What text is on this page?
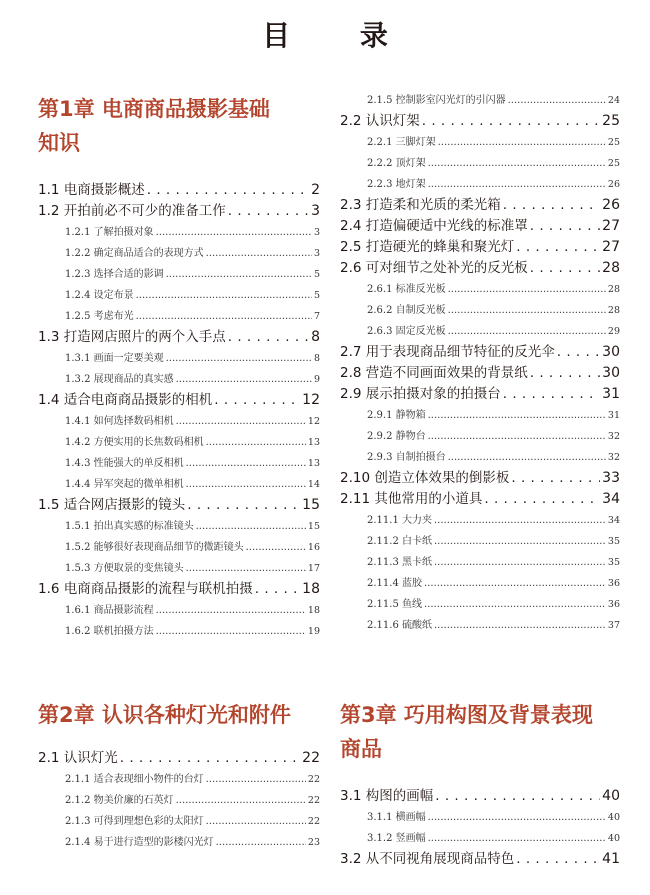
目 录
第1章 电商商品摄影基础
知识
1.1 电商摄影概述 . . .	2
1.2 开拍前必不可少的准备工作 . . .	3
1.2.1 了解拍摄对象 .....	3
1.2.2 确定商品适合的表现方式 .....	3
1.2.3 选择合适的影调 .....	5
1.2.4 设定布景 .....	5
1.2.5 考虑布光 .....	7
1.3 打造网店照片的两个入手点 . . .	8
1.3.1 画面一定要美观 .....	8
1.3.2 展现商品的真实感 .....	9
1.4 适合电商商品摄影的相机 . . .	12
1.4.1 如何选择数码相机 .....	12
1.4.2 方便实用的长焦数码相机 .....	13
1.4.3 性能强大的单反相机 .....	13
1.4.4 异军突起的微单相机 .....	14
1.5 适合网店摄影的镜头 . . .	15
1.5.1 拍出真实感的标准镜头 .....	15
1.5.2 能够很好表现商品细节的微距镜头 .....	16
1.5.3 方便取景的变焦镜头 .....	17
1.6 电商商品摄影的流程与联机拍摄 . . .	18
1.6.1 商品摄影流程 .....	18
1.6.2 联机拍摄方法 .....	19
第2章 认识各种灯光和附件
2.1 认识灯光 . . .	22
2.1.1 适合表现细小物件的台灯 .....	22
2.1.2 物美价廉的石英灯 .....	22
2.1.3 可得到理想色彩的太阳灯 .....	22
2.1.4 易于进行造型的影楼闪光灯 .....	23
2.1.5 控制影室闪光灯的引闪器 .....	24
2.2 认识灯架 . . .	25
2.2.1 三脚灯架 .....	25
2.2.2 顶灯架 .....	25
2.2.3 地灯架 .....	26
2.3 打造柔和光质的柔光箱 . . .	26
2.4 打造偏硬适中光线的标准罩 . . .	27
2.5 打造硬光的蜂巢和聚光灯 . . .	27
2.6 可对细节之处补光的反光板 . . .	28
2.6.1 标准反光板 .....	28
2.6.2 自制反光板 .....	28
2.6.3 固定反光板 .....	29
2.7 用于表现商品细节特征的反光伞 . . .	30
2.8 营造不同画面效果的背景纸 . . .	30
2.9 展示拍摄对象的拍摄台 . . .	31
2.9.1 静物箱 .....	31
2.9.2 静物台 .....	32
2.9.3 自制拍摄台 .....	32
2.10 创造立体效果的倒影板 . . .	33
2.11 其他常用的小道具 . . .	34
2.11.1 大力夹 .....	34
2.11.2 白卡纸 .....	35
2.11.3 黑卡纸 .....	35
2.11.4 蓝胶 .....	36
2.11.5 鱼线 .....	36
2.11.6 硫酸纸 .....	37
第3章 巧用构图及背景表现
商品
3.1 构图的画幅 . . .	40
3.1.1 横画幅 .....	40
3.1.2 竖画幅 .....	40
3.2 从不同视角展现商品特色 . . .	41
